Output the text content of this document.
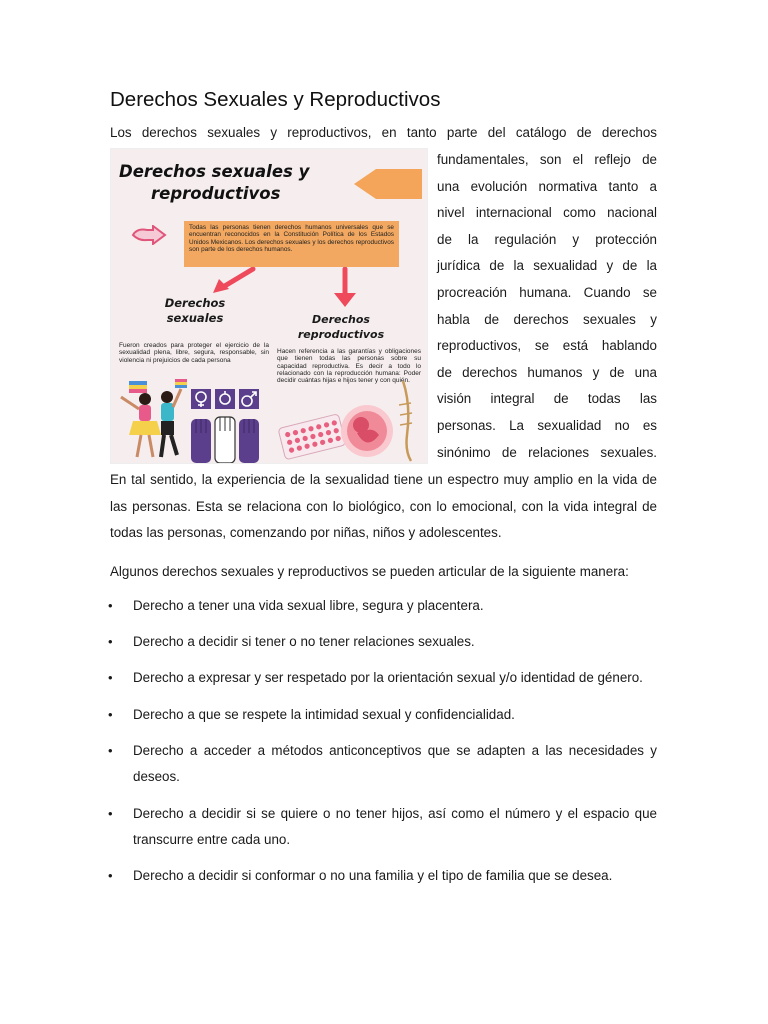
Derechos Sexuales y Reproductivos

Los derechos sexuales y reproductivos, en tanto parte del catálogo de derechos

Derechos sexuales y
reproductivos
Todas las personas tienen derechos humanos universales que se encuentran reconocidos en la Constitución Política de los Estados Unidos Mexicanos. Los derechos sexuales y los derechos reproductivos son parte de los derechos humanos.
Derechos sexuales	Derechos reproductivos
Fueron creados para proteger el ejercicio de la sexualidad plena, libre, segura, responsable, sin violencia ni prejuicios de cada persona
Hacen referencia a las garantías y obligaciones que tienen todas las personas sobre su capacidad reproductiva. Es decir a todo lo relacionado con la reproducción humana: Poder decidir cuántas hijas e hijos tener y con quién.

fundamentales, son el reflejo de

una evolución normativa tanto a

nivel internacional como nacional

de la regulación y protección

jurídica de la sexualidad y de la

procreación humana. Cuando se

habla de derechos sexuales y

reproductivos, se está hablando

de derechos humanos y de una

visión integral de todas las

personas. La sexualidad no es

sinónimo de relaciones sexuales.

En tal sentido, la experiencia de la sexualidad tiene un espectro muy amplio en la vida de las personas. Esta se relaciona con lo biológico, con lo emocional, con la vida integral de todas las personas, comenzando por niñas, niños y adolescentes.

Algunos derechos sexuales y reproductivos se pueden articular de la siguiente manera:

• Derecho a tener una vida sexual libre, segura y placentera.
• Derecho a decidir si tener o no tener relaciones sexuales.
• Derecho a expresar y ser respetado por la orientación sexual y/o identidad de género.
• Derecho a que se respete la intimidad sexual y confidencialidad.
• Derecho a acceder a métodos anticonceptivos que se adapten a las necesidades y deseos.
• Derecho a decidir si se quiere o no tener hijos, así como el número y el espacio que transcurre entre cada uno.
• Derecho a decidir si conformar o no una familia y el tipo de familia que se desea.
